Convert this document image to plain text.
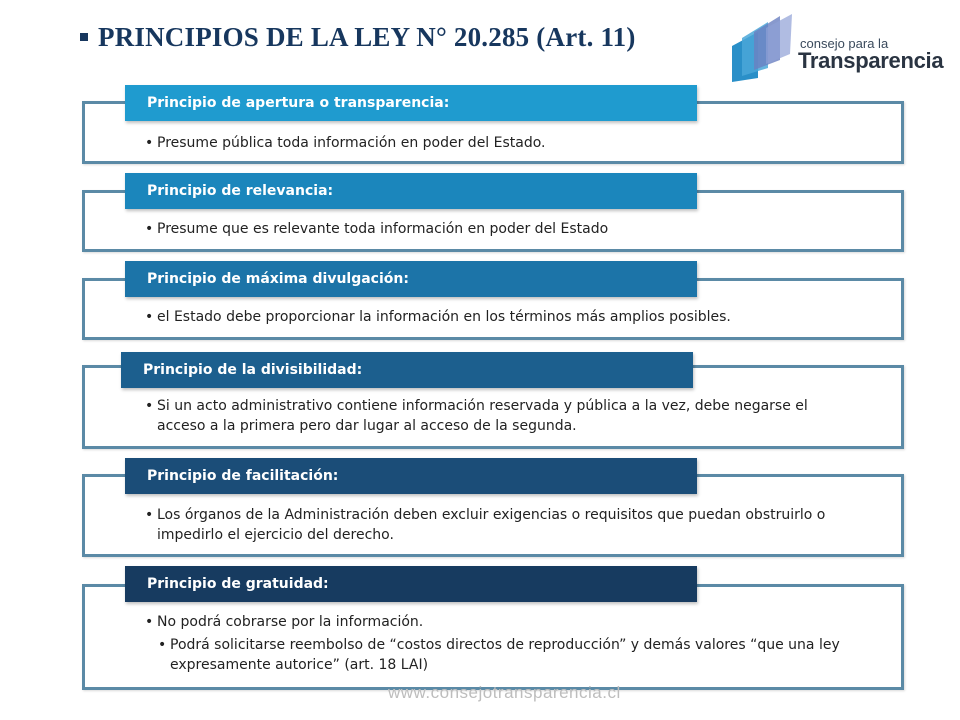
PRINCIPIOS DE LA LEY N° 20.285 (Art. 11)	consejo para la
Transparencia
Principio de apertura o transparencia:
• Presume pública toda información en poder del Estado.
Principio de relevancia:
• Presume que es relevante toda información en poder del Estado
Principio de máxima divulgación:
• el Estado debe proporcionar la información en los términos más amplios posibles.
Principio de la divisibilidad:
• Si un acto administrativo contiene información reservada y pública a la vez, debe negarse el acceso a la primera pero dar lugar al acceso de la segunda.
Principio de facilitación:
• Los órganos de la Administración deben excluir exigencias o requisitos que puedan obstruirlo o impedirlo el ejercicio del derecho.
Principio de gratuidad:
• No podrá cobrarse por la información.
• Podrá solicitarse reembolso de “costos directos de reproducción” y demás valores “que una ley expresamente autorice” (art. 18 LAI)
www.consejotransparencia.cl
